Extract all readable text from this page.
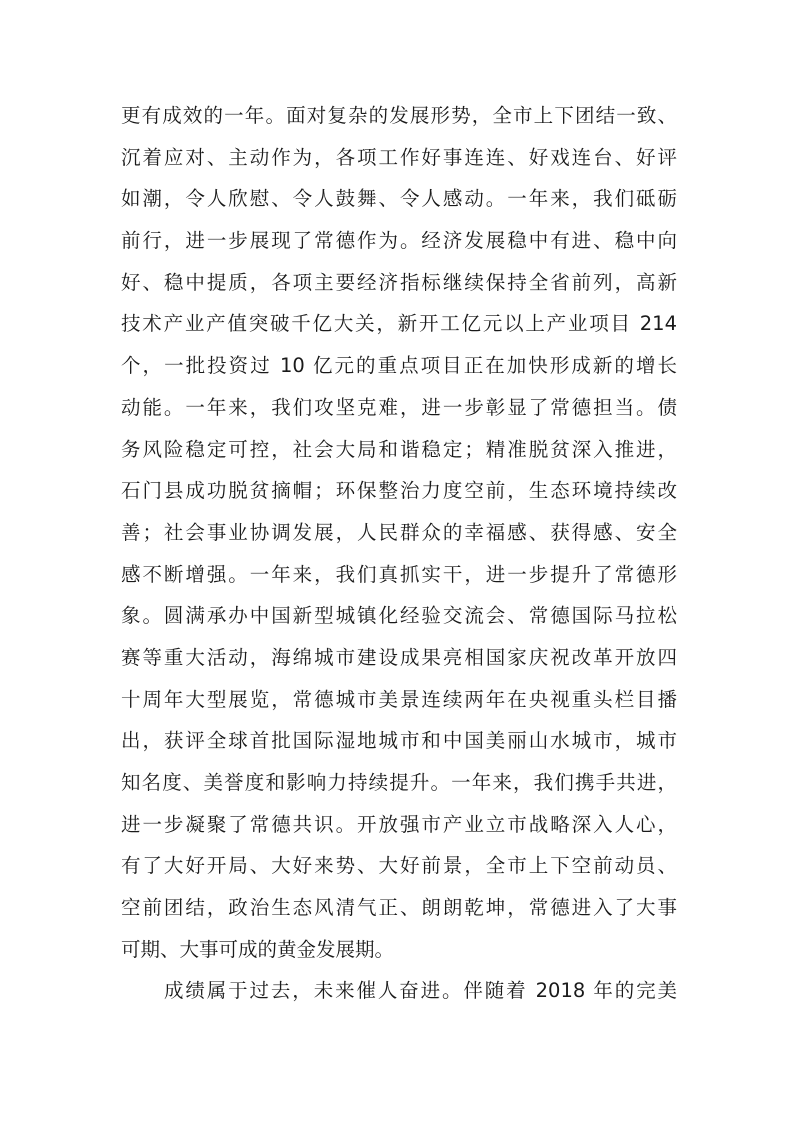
更有成效的一年。面对复杂的发展形势，全市上下团结一致、
沉着应对、主动作为，各项工作好事连连、好戏连台、好评
如潮，令人欣慰、令人鼓舞、令人感动。一年来，我们砥砺
前行，进一步展现了常德作为。经济发展稳中有进、稳中向
好、稳中提质，各项主要经济指标继续保持全省前列，高新
技术产业产值突破千亿大关，新开工亿元以上产业项目 214
个，一批投资过 10 亿元的重点项目正在加快形成新的增长
动能。一年来，我们攻坚克难，进一步彰显了常德担当。债
务风险稳定可控，社会大局和谐稳定；精准脱贫深入推进，
石门县成功脱贫摘帽；环保整治力度空前，生态环境持续改
善；社会事业协调发展，人民群众的幸福感、获得感、安全
感不断增强。一年来，我们真抓实干，进一步提升了常德形
象。圆满承办中国新型城镇化经验交流会、常德国际马拉松
赛等重大活动，海绵城市建设成果亮相国家庆祝改革开放四
十周年大型展览，常德城市美景连续两年在央视重头栏目播
出，获评全球首批国际湿地城市和中国美丽山水城市，城市
知名度、美誉度和影响力持续提升。一年来，我们携手共进，
进一步凝聚了常德共识。开放强市产业立市战略深入人心，
有了大好开局、大好来势、大好前景，全市上下空前动员、
空前团结，政治生态风清气正、朗朗乾坤，常德进入了大事
可期、大事可成的黄金发展期。
成绩属于过去，未来催人奋进。伴随着 2018 年的完美
